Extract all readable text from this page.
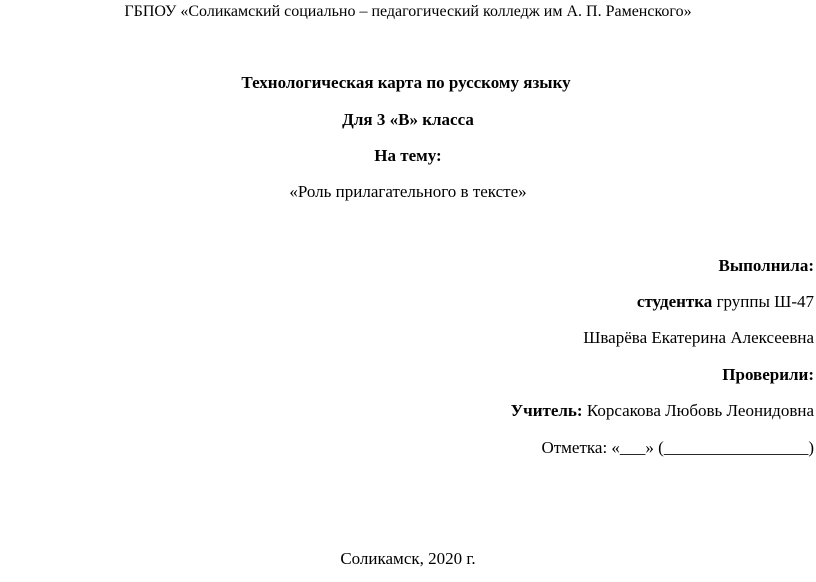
ГБПОУ «Соликамский социально – педагогический колледж им А. П. Раменского»
Технологическая карта по русскому языку
Для 3 «В» класса
На тему:
«Роль прилагательного в тексте»
Выполнила:
студентка группы Ш-47
Шварёва Екатерина Алексеевна
Проверили:
Учитель: Корсакова Любовь Леонидовна
Отметка: «___» (_________________)
Соликамск, 2020 г.
